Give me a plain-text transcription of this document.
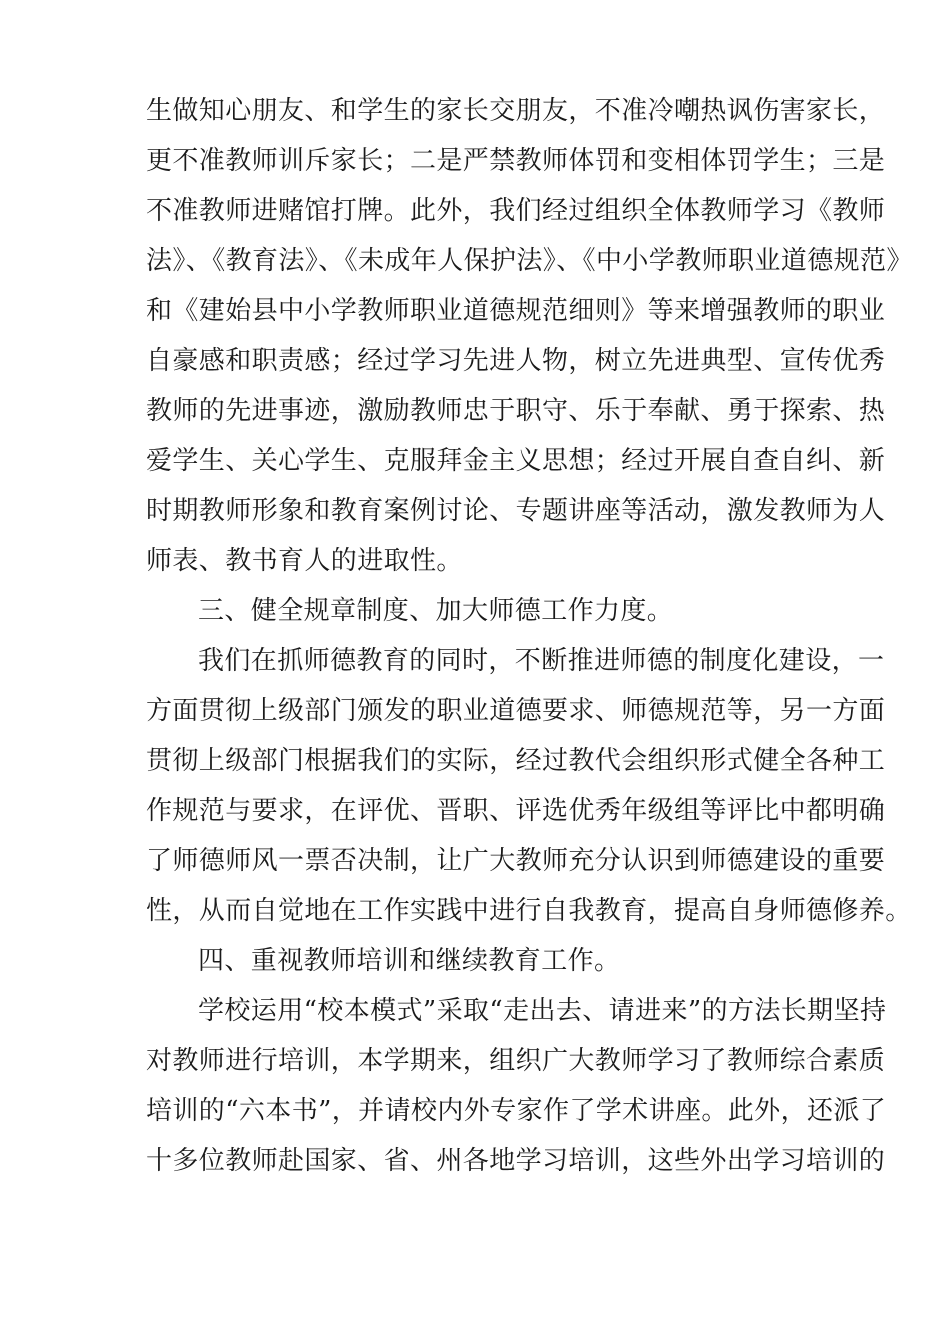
生做知心朋友、和学生的家长交朋友，不准冷嘲热讽伤害家长，
更不准教师训斥家长；二是严禁教师体罚和变相体罚学生；三是
不准教师进赌馆打牌。此外，我们经过组织全体教师学习《教师
法》、《教育法》、《未成年人保护法》、《中小学教师职业道德规范》
和《建始县中小学教师职业道德规范细则》等来增强教师的职业
自豪感和职责感；经过学习先进人物，树立先进典型、宣传优秀
教师的先进事迹，激励教师忠于职守、乐于奉献、勇于探索、热
爱学生、关心学生、克服拜金主义思想；经过开展自查自纠、新
时期教师形象和教育案例讨论、专题讲座等活动，激发教师为人
师表、教书育人的进取性。
三、健全规章制度、加大师德工作力度。
我们在抓师德教育的同时，不断推进师德的制度化建设，一
方面贯彻上级部门颁发的职业道德要求、师德规范等，另一方面
贯彻上级部门根据我们的实际，经过教代会组织形式健全各种工
作规范与要求，在评优、晋职、评选优秀年级组等评比中都明确
了师德师风一票否决制，让广大教师充分认识到师德建设的重要
性，从而自觉地在工作实践中进行自我教育，提高自身师德修养。
四、重视教师培训和继续教育工作。
学校运用“校本模式”采取“走出去、请进来”的方法长期坚持
对教师进行培训，本学期来，组织广大教师学习了教师综合素质
培训的“六本书”，并请校内外专家作了学术讲座。此外，还派了
十多位教师赴国家、省、州各地学习培训，这些外出学习培训的
